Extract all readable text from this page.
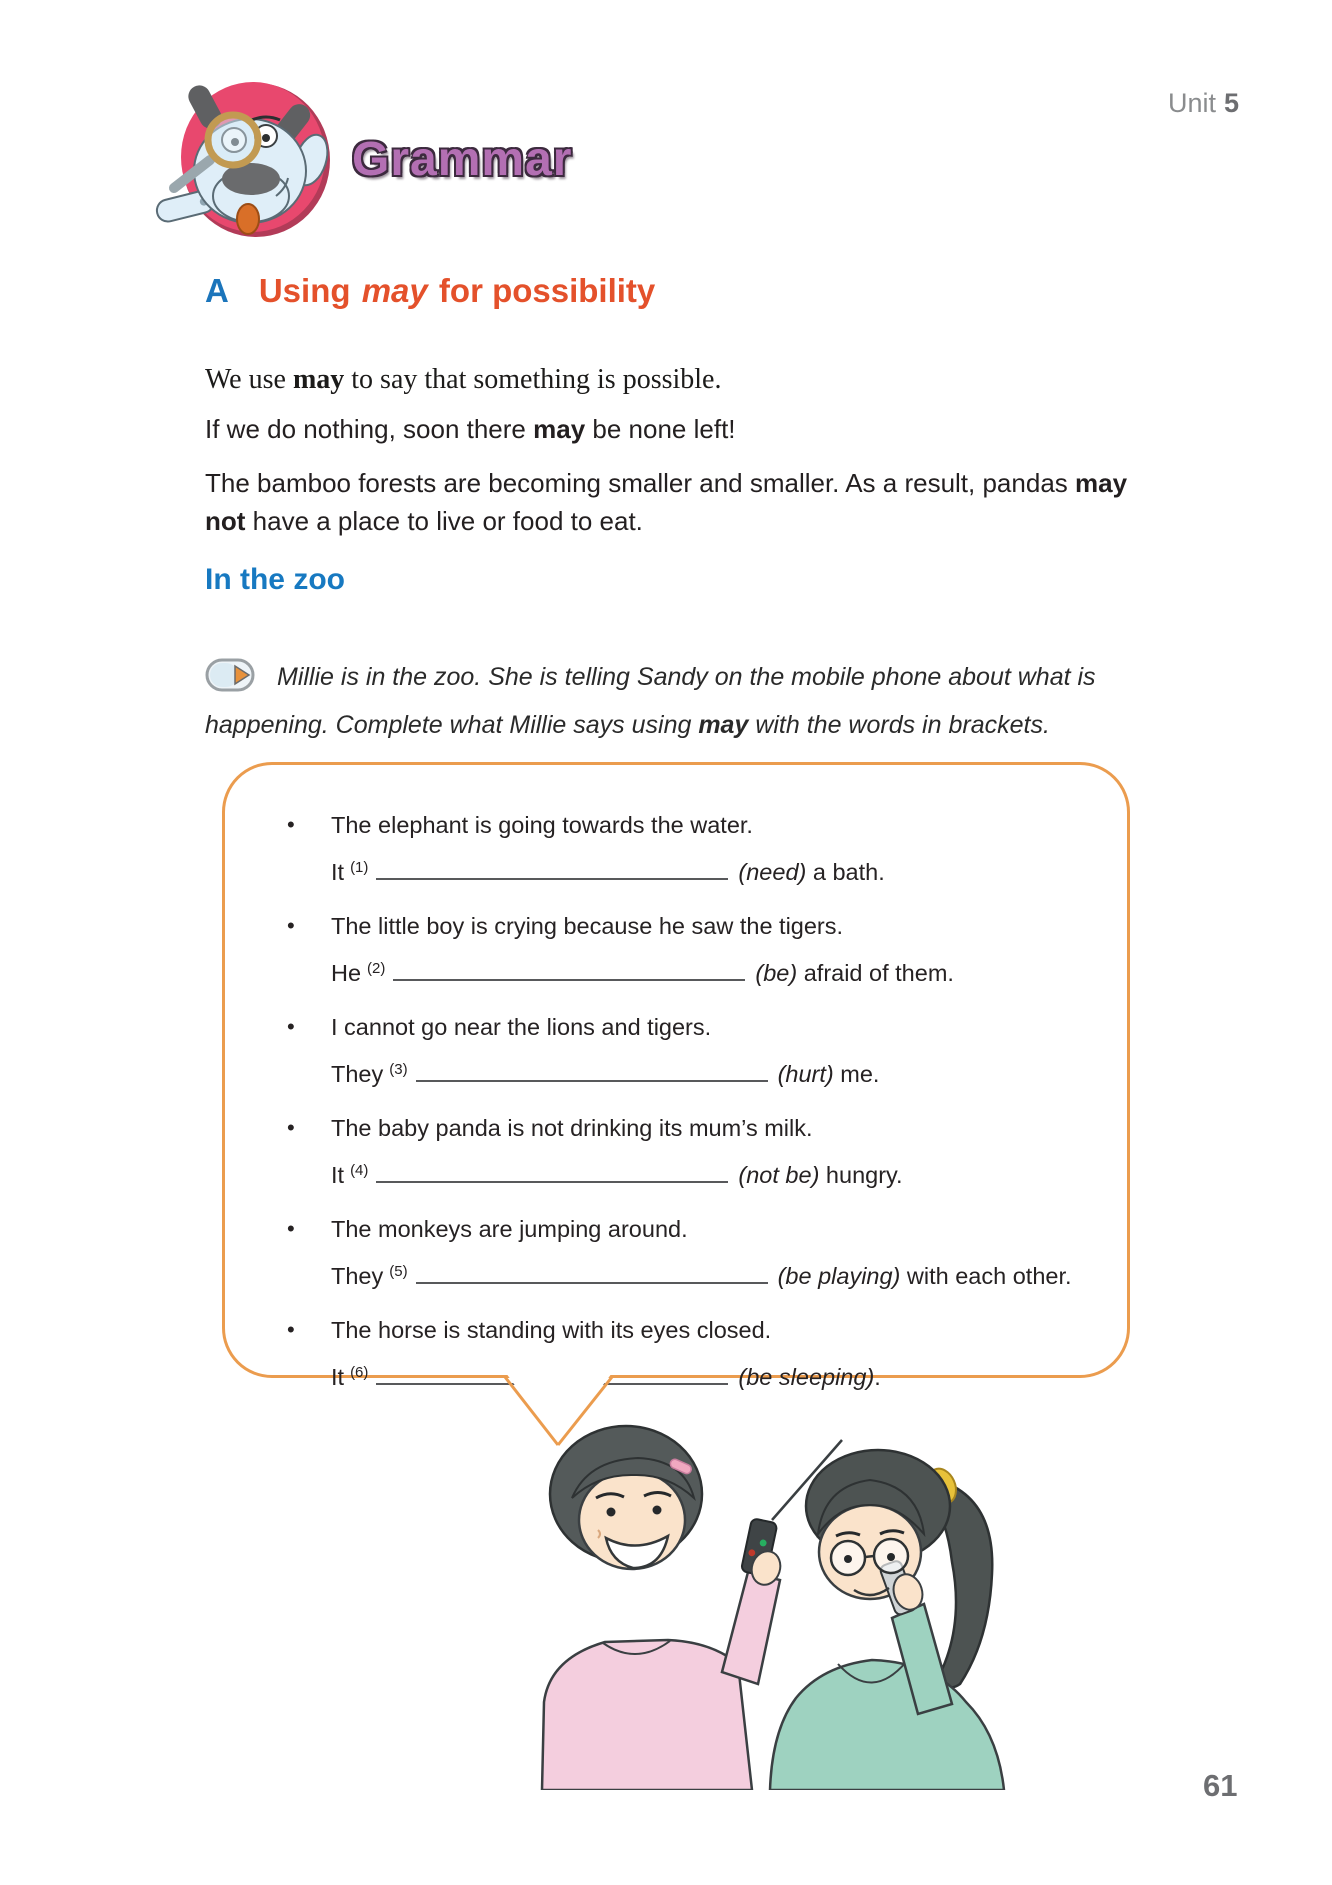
Unit 5
Grammar
A Using may for possibility

We use may to say that something is possible.

If we do nothing, soon there may be none left!

The bamboo forests are becoming smaller and smaller. As a result, pandas may
not have a place to live or food to eat.

In the zoo

Millie is in the zoo. She is telling Sandy on the mobile phone about what is
happening. Complete what Millie says using may with the words in brackets.

•	The elephant is going towards the water.
It $^{(1)}$	(need) a bath.
•	The little boy is crying because he saw the tigers.
He $^{(2)}$	(be) afraid of them.
•	I cannot go near the lions and tigers.
They $^{(3)}$	(hurt) me.
•	The baby panda is not drinking its mum’s milk.
It $^{(4)}$	(not be) hungry.
•	The monkeys are jumping around.
They $^{(5)}$	(be playing) with each other.
•	The horse is standing with its eyes closed.
It $^{(6)}$	(be sleeping).
61
